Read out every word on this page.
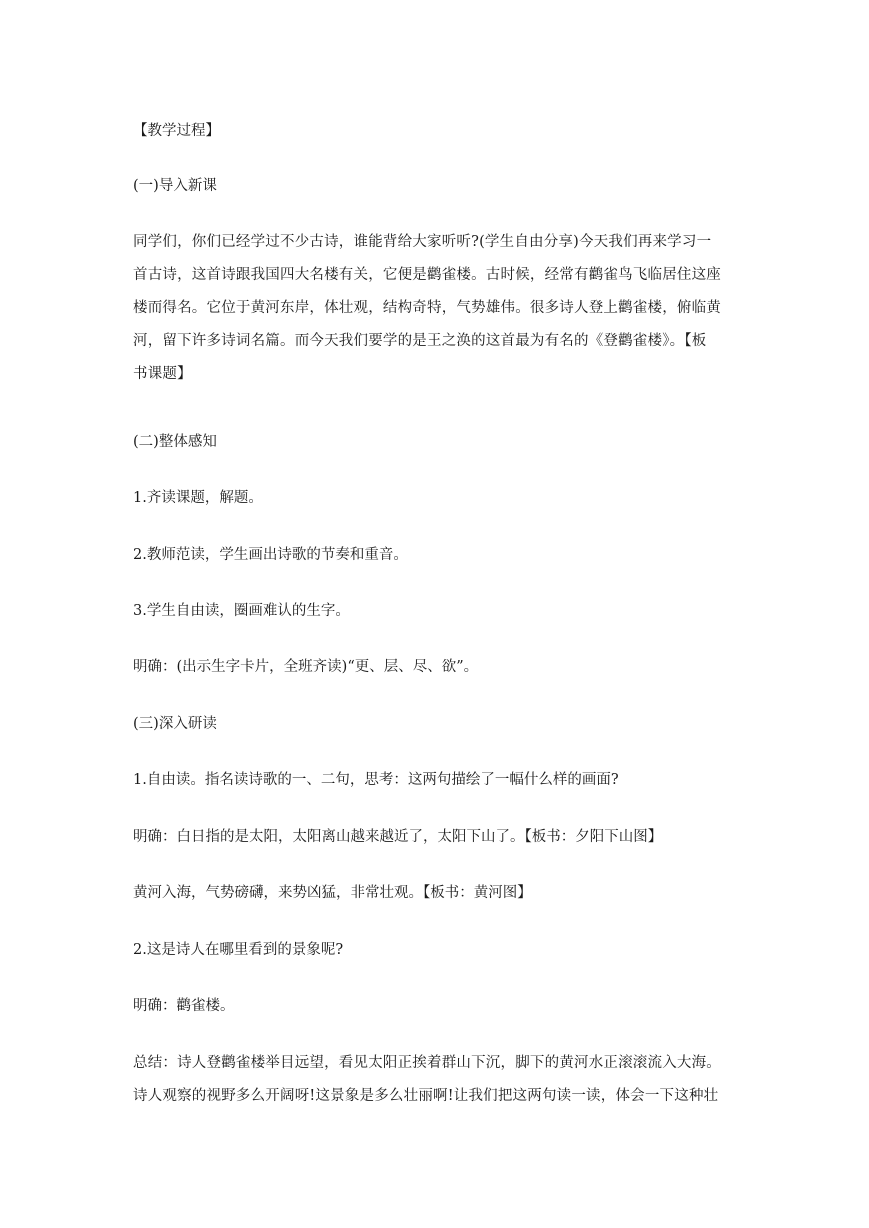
【教学过程】
(一)导入新课
同学们，你们已经学过不少古诗，谁能背给大家听听?(学生自由分享)今天我们再来学习一
首古诗，这首诗跟我国四大名楼有关，它便是鹳雀楼。古时候，经常有鹳雀鸟飞临居住这座
楼而得名。它位于黄河东岸，体壮观，结构奇特，气势雄伟。很多诗人登上鹳雀楼，俯临黄
河，留下许多诗词名篇。而今天我们要学的是王之涣的这首最为有名的《登鹳雀楼》。【板
书课题】
(二)整体感知
1.齐读课题，解题。
2.教师范读，学生画出诗歌的节奏和重音。
3.学生自由读，圈画难认的生字。
明确：(出示生字卡片，全班齐读)“更、层、尽、欲”。
(三)深入研读
1.自由读。指名读诗歌的一、二句，思考：这两句描绘了一幅什么样的画面?
明确：白日指的是太阳，太阳离山越来越近了，太阳下山了。【板书：夕阳下山图】
黄河入海，气势磅礴，来势凶猛，非常壮观。【板书：黄河图】
2.这是诗人在哪里看到的景象呢?
明确：鹳雀楼。
总结：诗人登鹳雀楼举目远望，看见太阳正挨着群山下沉，脚下的黄河水正滚滚流入大海。
诗人观察的视野多么开阔呀!这景象是多么壮丽啊!让我们把这两句读一读，体会一下这种壮
